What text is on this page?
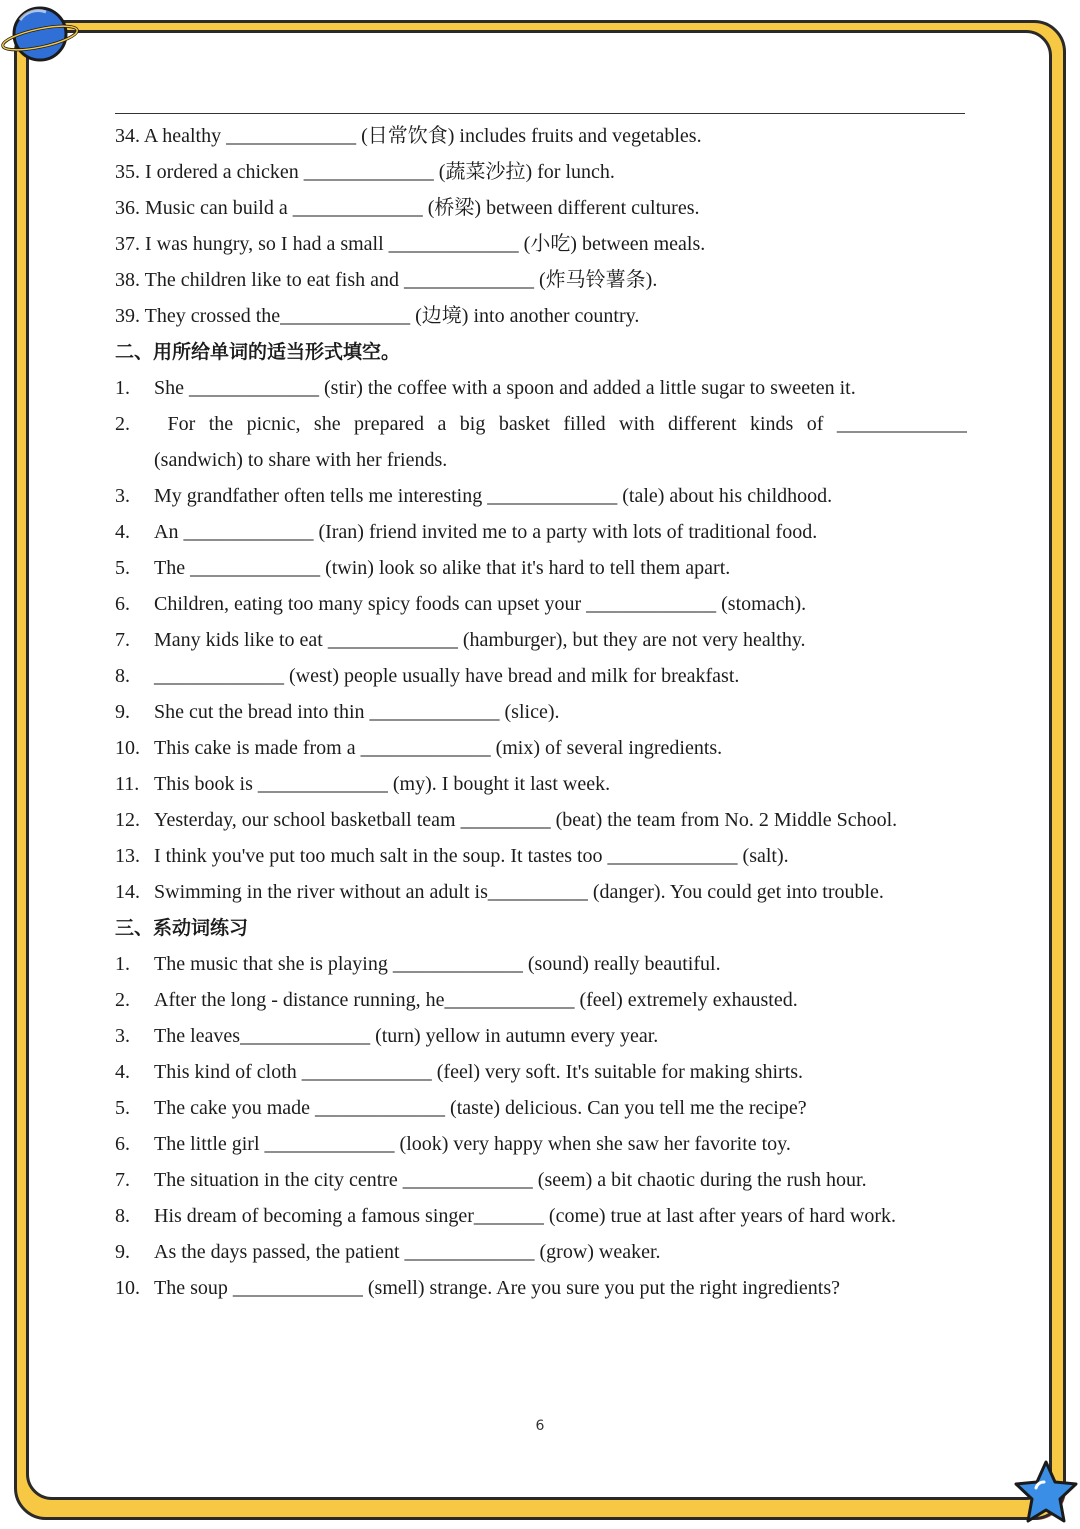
34. A healthy _____________ (日常饮食) includes fruits and vegetables.
35. I ordered a chicken _____________ (蔬菜沙拉) for lunch.
36. Music can build a _____________ (桥梁) between different cultures.
37. I was hungry, so I had a small _____________ (小吃) between meals.
38. The children like to eat fish and _____________ (炸马铃薯条).
39. They crossed the_____________ (边境) into another country.
二、用所给单词的适当形式填空。
1. She _____________ (stir) the coffee with a spoon and added a little sugar to sweeten it.
2.	For the picnic, she prepared a big basket filled with different kinds of _____________
(sandwich) to share with her friends.
3. My grandfather often tells me interesting _____________ (tale) about his childhood.
4. An _____________ (Iran) friend invited me to a party with lots of traditional food.
5. The _____________ (twin) look so alike that it's hard to tell them apart.
6. Children, eating too many spicy foods can upset your _____________ (stomach).
7. Many kids like to eat _____________ (hamburger), but they are not very healthy.
8. _____________ (west) people usually have bread and milk for breakfast.
9. She cut the bread into thin _____________ (slice).
10. This cake is made from a _____________ (mix) of several ingredients.
11. This book is _____________ (my). I bought it last week.
12. Yesterday, our school basketball team _________ (beat) the team from No. 2 Middle School.
13. I think you've put too much salt in the soup. It tastes too _____________ (salt).
14. Swimming in the river without an adult is__________ (danger). You could get into trouble.
三、系动词练习
1. The music that she is playing _____________ (sound) really beautiful.
2. After the long - distance running, he_____________ (feel) extremely exhausted.
3. The leaves_____________ (turn) yellow in autumn every year.
4. This kind of cloth _____________ (feel) very soft. It's suitable for making shirts.
5. The cake you made _____________ (taste) delicious. Can you tell me the recipe?
6. The little girl _____________ (look) very happy when she saw her favorite toy.
7. The situation in the city centre _____________ (seem) a bit chaotic during the rush hour.
8. His dream of becoming a famous singer_______ (come) true at last after years of hard work.
9. As the days passed, the patient _____________ (grow) weaker.
10. The soup _____________ (smell) strange. Are you sure you put the right ingredients?
6
